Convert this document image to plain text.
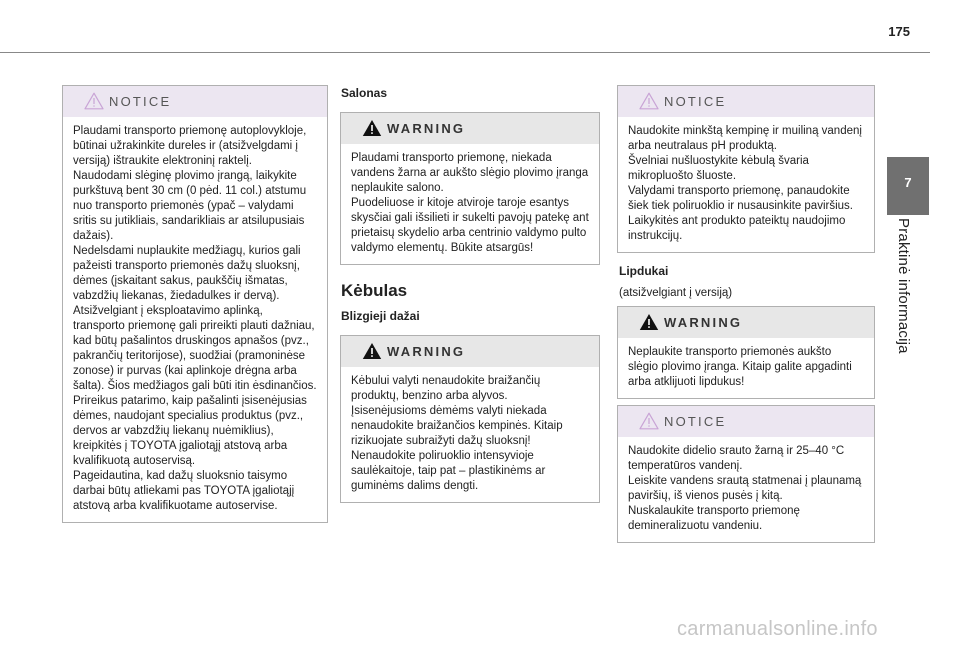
175
7
Praktinė informacija
NOTICE

Plaudami transporto priemonę autoplovykloje, būtinai užrakinkite dureles ir (atsižvelgdami į versiją) ištraukite elektroninį raktelį.

Naudodami slėginę plovimo įrangą, laikykite purkštuvą bent 30 cm (0 pėd. 11 col.) atstumu nuo transporto priemonės (ypač – valydami sritis su jutikliais, sandarikliais ar atsilupusiais dažais).

Nedelsdami nuplaukite medžiagų, kurios gali pažeisti transporto priemonės dažų sluoksnį, dėmes (įskaitant sakus, paukščių išmatas, vabzdžių liekanas, žiedadulkes ir dervą).

Atsižvelgiant į eksploatavimo aplinką, transporto priemonę gali prireikti plauti dažniau, kad būtų pašalintos druskingos apnašos (pvz., pakrančių teritorijose), suodžiai (pramoninėse zonose) ir purvas (kai aplinkoje drėgna arba šalta). Šios medžiagos gali būti itin ėsdinančios.

Prireikus patarimo, kaip pašalinti įsisenėjusias dėmes, naudojant specialius produktus (pvz., dervos ar vabzdžių liekanų nuėmiklius), kreipkitės į TOYOTA įgaliotąjį atstovą arba kvalifikuotą autoservisą.

Pageidautina, kad dažų sluoksnio taisymo darbai būtų atliekami pas TOYOTA įgaliotąjį atstovą arba kvalifikuotame autoservise.

Salonas
WARNING

Plaudami transporto priemonę, niekada vandens žarna ar aukšto slėgio plovimo įranga neplaukite salono.

Puodeliuose ir kitoje atviroje taroje esantys skysčiai gali išsilieti ir sukelti pavojų patekę ant prietaisų skydelio arba centrinio valdymo pulto valdymo elementų. Būkite atsargūs!

Kėbulas
Blizgieji dažai
WARNING

Kėbului valyti nenaudokite braižančių produktų, benzino arba alyvos.

Įsisenėjusioms dėmėms valyti niekada nenaudokite braižančios kempinės. Kitaip rizikuojate subraižyti dažų sluoksnį!

Nenaudokite poliruoklio intensyvioje saulėkaitoje, taip pat – plastikinėms ar guminėms dalims dengti.

NOTICE

Naudokite minkštą kempinę ir muiliną vandenį arba neutralaus pH produktą.

Švelniai nušluostykite kėbulą švaria mikropluošto šluoste.

Valydami transporto priemonę, panaudokite šiek tiek poliruoklio ir nusausinkite paviršius.

Laikykitės ant produkto pateiktų naudojimo instrukcijų.

Lipdukai
(atsižvelgiant į versiją)
WARNING

Neplaukite transporto priemonės aukšto slėgio plovimo įranga. Kitaip galite apgadinti arba atklijuoti lipdukus!

NOTICE

Naudokite didelio srauto žarną ir 25–40 °C temperatūros vandenį.

Leiskite vandens srautą statmenai į plaunamą paviršių, iš vienos pusės į kitą.

Nuskalaukite transporto priemonę demineralizuotu vandeniu.

carmanualsonline.info
